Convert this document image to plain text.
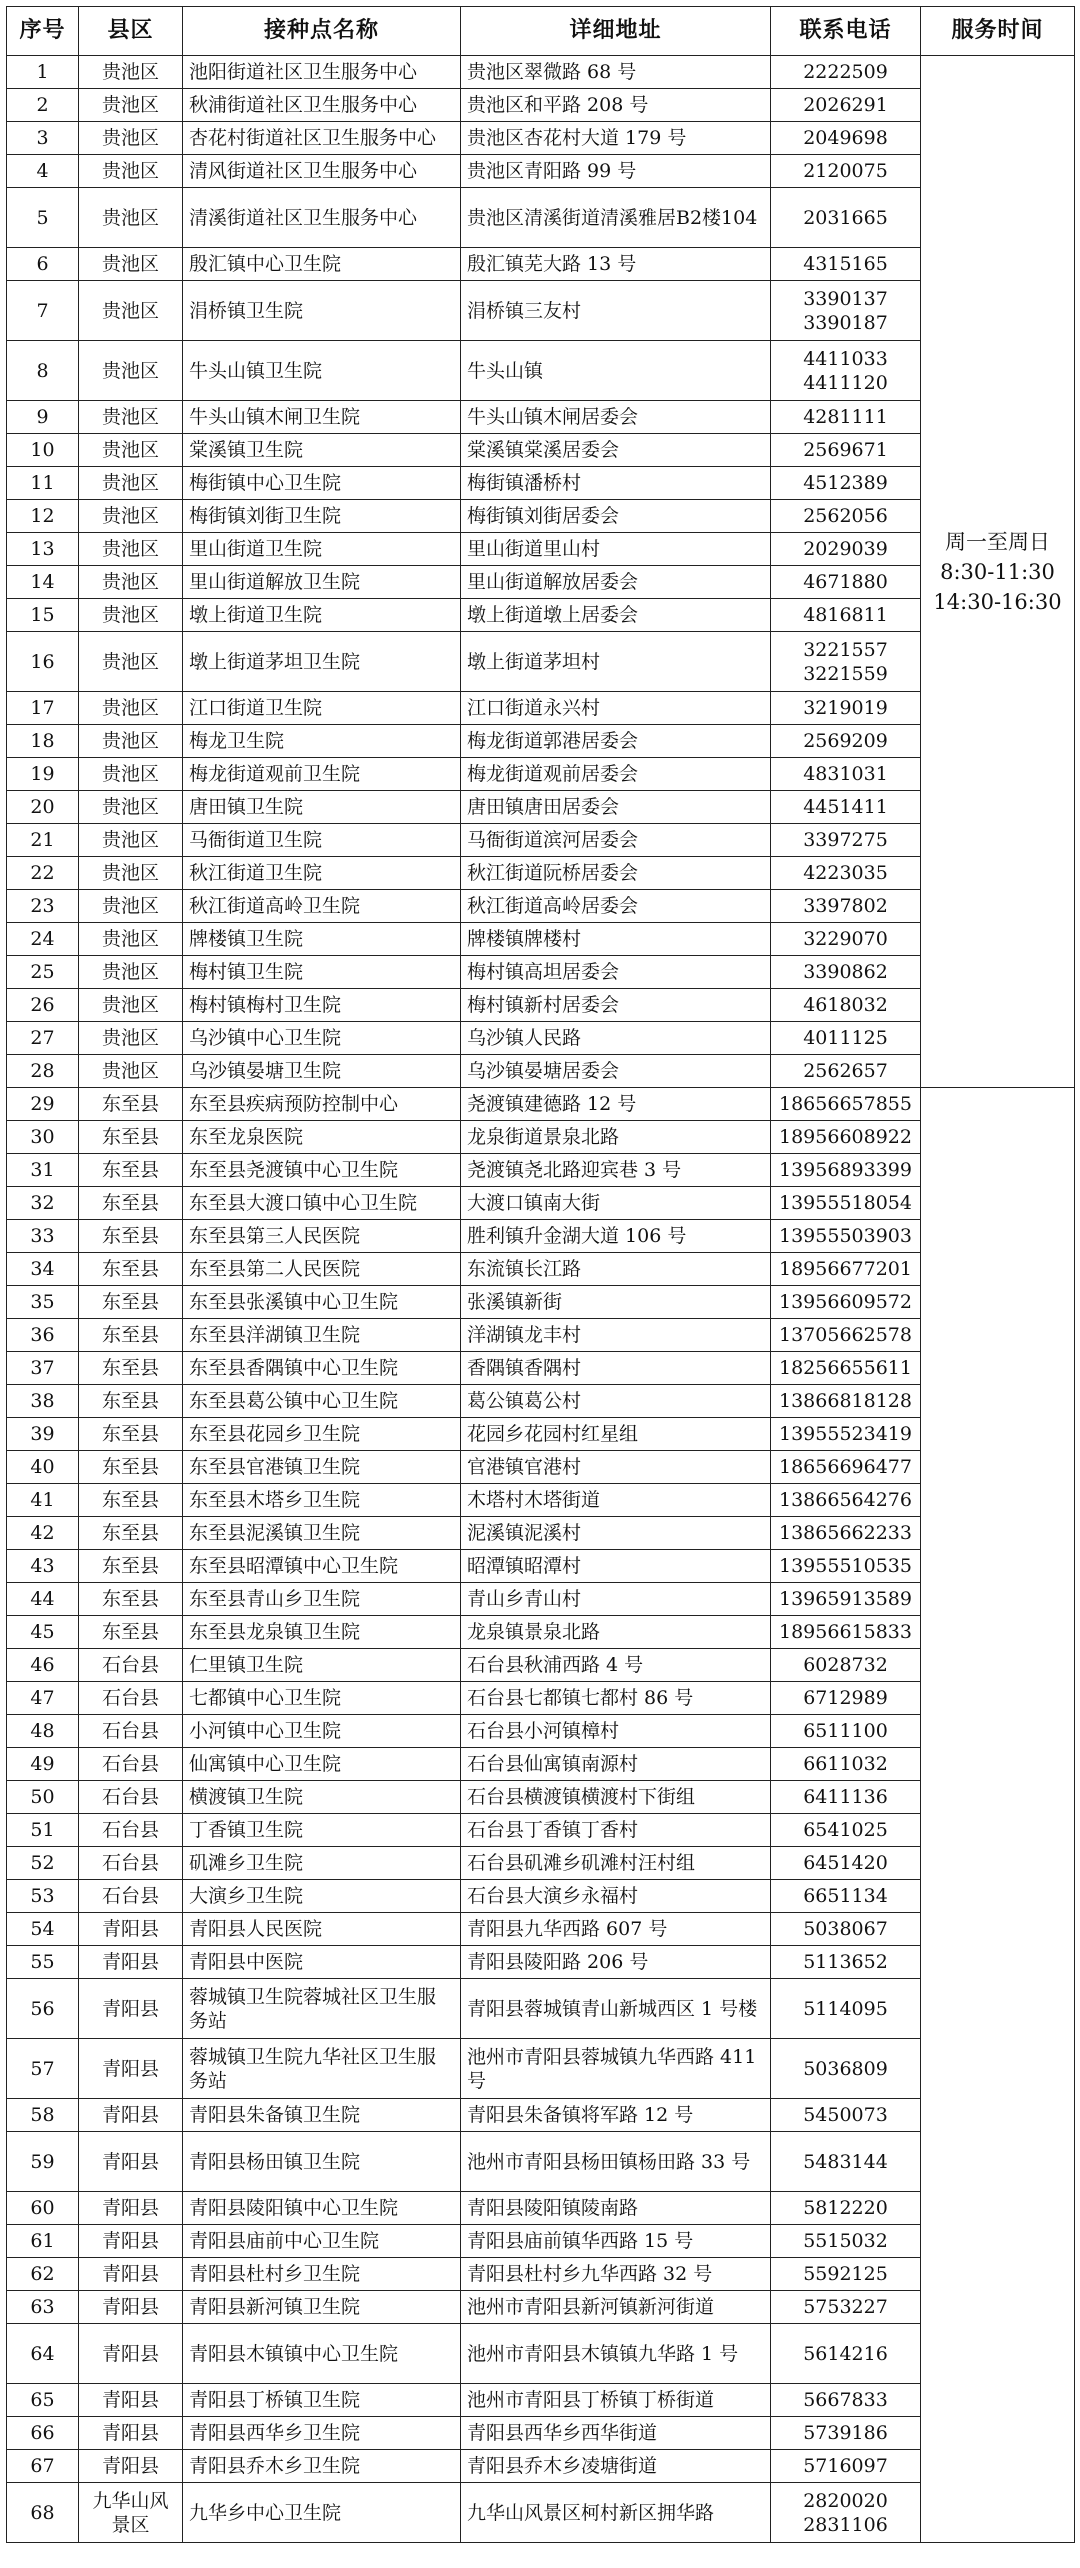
序号	县区	接种点名称	详细地址	联系电话	服务时间
1	贵池区	池阳街道社区卫生服务中心	贵池区翠微路 68 号	2222509	周一至周日
8:30-11:30
14:30-16:30

2	贵池区	秋浦街道社区卫生服务中心	贵池区和平路 208 号	2026291	

3	贵池区	杏花村街道社区卫生服务中心	贵池区杏花村大道 179 号	2049698	

4	贵池区	清风街道社区卫生服务中心	贵池区青阳路 99 号	2120075	

5	贵池区	清溪街道社区卫生服务中心	贵池区清溪街道清溪雅居B2楼104	2031665	

6	贵池区	殷汇镇中心卫生院	殷汇镇芜大路 13 号	4315165	

7	贵池区	涓桥镇卫生院	涓桥镇三友村	3390137
3390187	

8	贵池区	牛头山镇卫生院	牛头山镇	4411033
4411120	

9	贵池区	牛头山镇木闸卫生院	牛头山镇木闸居委会	4281111	

10	贵池区	棠溪镇卫生院	棠溪镇棠溪居委会	2569671	

11	贵池区	梅街镇中心卫生院	梅街镇潘桥村	4512389	

12	贵池区	梅街镇刘街卫生院	梅街镇刘街居委会	2562056	

13	贵池区	里山街道卫生院	里山街道里山村	2029039	

14	贵池区	里山街道解放卫生院	里山街道解放居委会	4671880	

15	贵池区	墩上街道卫生院	墩上街道墩上居委会	4816811	

16	贵池区	墩上街道茅坦卫生院	墩上街道茅坦村	3221557
3221559	

17	贵池区	江口街道卫生院	江口街道永兴村	3219019	

18	贵池区	梅龙卫生院	梅龙街道郭港居委会	2569209	

19	贵池区	梅龙街道观前卫生院	梅龙街道观前居委会	4831031	

20	贵池区	唐田镇卫生院	唐田镇唐田居委会	4451411	

21	贵池区	马衙街道卫生院	马衙街道滨河居委会	3397275	

22	贵池区	秋江街道卫生院	秋江街道阮桥居委会	4223035	

23	贵池区	秋江街道高岭卫生院	秋江街道高岭居委会	3397802	

24	贵池区	牌楼镇卫生院	牌楼镇牌楼村	3229070	

25	贵池区	梅村镇卫生院	梅村镇高坦居委会	3390862	

26	贵池区	梅村镇梅村卫生院	梅村镇新村居委会	4618032	

27	贵池区	乌沙镇中心卫生院	乌沙镇人民路	4011125	

28	贵池区	乌沙镇晏塘卫生院	乌沙镇晏塘居委会	2562657	

29	东至县	东至县疾病预防控制中心	尧渡镇建德路 12 号	18656657855	

30	东至县	东至龙泉医院	龙泉街道景泉北路	18956608922	

31	东至县	东至县尧渡镇中心卫生院	尧渡镇尧北路迎宾巷 3 号	13956893399	

32	东至县	东至县大渡口镇中心卫生院	大渡口镇南大街	13955518054	

33	东至县	东至县第三人民医院	胜利镇升金湖大道 106 号	13955503903	

34	东至县	东至县第二人民医院	东流镇长江路	18956677201	

35	东至县	东至县张溪镇中心卫生院	张溪镇新街	13956609572	

36	东至县	东至县洋湖镇卫生院	洋湖镇龙丰村	13705662578	

37	东至县	东至县香隅镇中心卫生院	香隅镇香隅村	18256655611	

38	东至县	东至县葛公镇中心卫生院	葛公镇葛公村	13866818128	

39	东至县	东至县花园乡卫生院	花园乡花园村红星组	13955523419	

40	东至县	东至县官港镇卫生院	官港镇官港村	18656696477	

41	东至县	东至县木塔乡卫生院	木塔村木塔街道	13866564276	

42	东至县	东至县泥溪镇卫生院	泥溪镇泥溪村	13865662233	

43	东至县	东至县昭潭镇中心卫生院	昭潭镇昭潭村	13955510535	

44	东至县	东至县青山乡卫生院	青山乡青山村	13965913589	

45	东至县	东至县龙泉镇卫生院	龙泉镇景泉北路	18956615833	

46	石台县	仁里镇卫生院	石台县秋浦西路 4 号	6028732	

47	石台县	七都镇中心卫生院	石台县七都镇七都村 86 号	6712989	

48	石台县	小河镇中心卫生院	石台县小河镇樟村	6511100	

49	石台县	仙寓镇中心卫生院	石台县仙寓镇南源村	6611032	

50	石台县	横渡镇卫生院	石台县横渡镇横渡村下街组	6411136	

51	石台县	丁香镇卫生院	石台县丁香镇丁香村	6541025	

52	石台县	矶滩乡卫生院	石台县矶滩乡矶滩村汪村组	6451420	

53	石台县	大演乡卫生院	石台县大演乡永福村	6651134	

54	青阳县	青阳县人民医院	青阳县九华西路 607 号	5038067	

55	青阳县	青阳县中医院	青阳县陵阳路 206 号	5113652	

56	青阳县	蓉城镇卫生院蓉城社区卫生服务站	青阳县蓉城镇青山新城西区 1 号楼	5114095	

57	青阳县	蓉城镇卫生院九华社区卫生服务站	池州市青阳县蓉城镇九华西路 411 号	5036809	

58	青阳县	青阳县朱备镇卫生院	青阳县朱备镇将军路 12 号	5450073	

59	青阳县	青阳县杨田镇卫生院	池州市青阳县杨田镇杨田路 33 号	5483144	

60	青阳县	青阳县陵阳镇中心卫生院	青阳县陵阳镇陵南路	5812220	

61	青阳县	青阳县庙前中心卫生院	青阳县庙前镇华西路 15 号	5515032	

62	青阳县	青阳县杜村乡卫生院	青阳县杜村乡九华西路 32 号	5592125	

63	青阳县	青阳县新河镇卫生院	池州市青阳县新河镇新河街道	5753227	

64	青阳县	青阳县木镇镇中心卫生院	池州市青阳县木镇镇九华路 1 号	5614216	

65	青阳县	青阳县丁桥镇卫生院	池州市青阳县丁桥镇丁桥街道	5667833	

66	青阳县	青阳县西华乡卫生院	青阳县西华乡西华街道	5739186	

67	青阳县	青阳县乔木乡卫生院	青阳县乔木乡凌塘街道	5716097	

68	九华山风景区	九华乡中心卫生院	九华山风景区柯村新区拥华路	2820020
2831106	
